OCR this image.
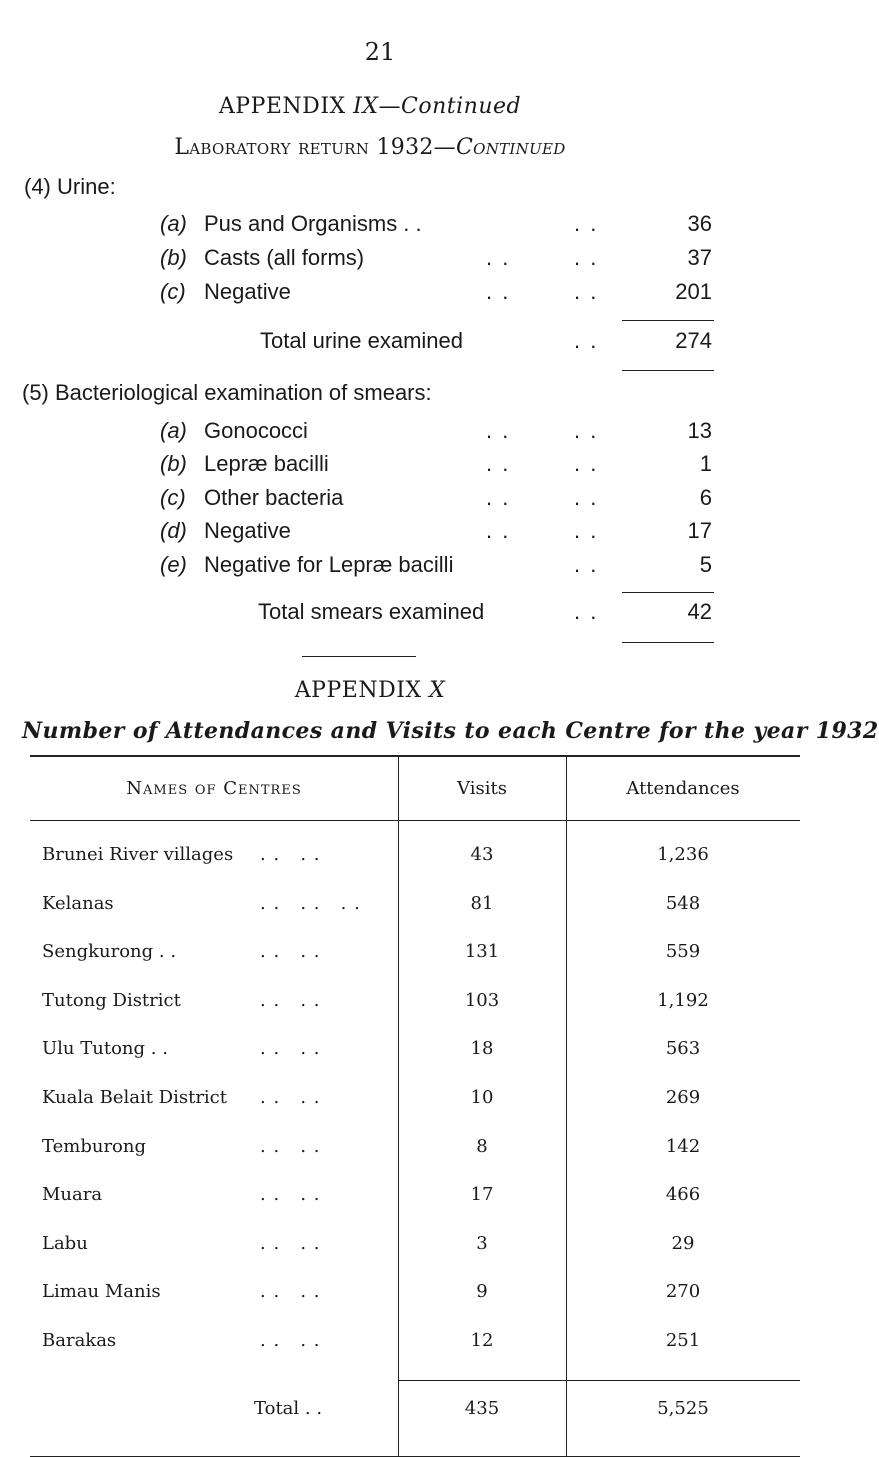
21
APPENDIX IX—Continued
Laboratory return 1932—Continued
(4) Urine:
(a) Pus and Organisms . .	. .	36
(b) Casts (all forms)	. .	. .	37
(c) Negative	. .	. .	201
Total urine examined	. .	274
(5) Bacteriological examination of smears:
(a) Gonococci	. .	. .	13
(b) Lepræ bacilli	. .	. .	1
(c) Other bacteria	. .	. .	6
(d) Negative	. .	. .	17
(e) Negative for Lepræ bacilli	. .	5
Total smears examined	. .	42
APPENDIX X
Number of Attendances and Visits to each Centre for the year 1932
Names of Centres	Visits	Attendances
Brunei River villages . .   . .	43	1,236
Kelanas	. .   . .   . .	81	548
Sengkurong . .	. .   . .	131	559
Tutong District	. .   . .	103	1,192
Ulu Tutong . .	. .   . .	18	563
Kuala Belait District . .   . .	10	269
Temburong	. .   . .	8	142
Muara	. .   . .	17	466
Labu	. .   . .	3	29
Limau Manis	. .   . .	9	270
Barakas	. .   . .	12	251
Total . .	435	5,525
